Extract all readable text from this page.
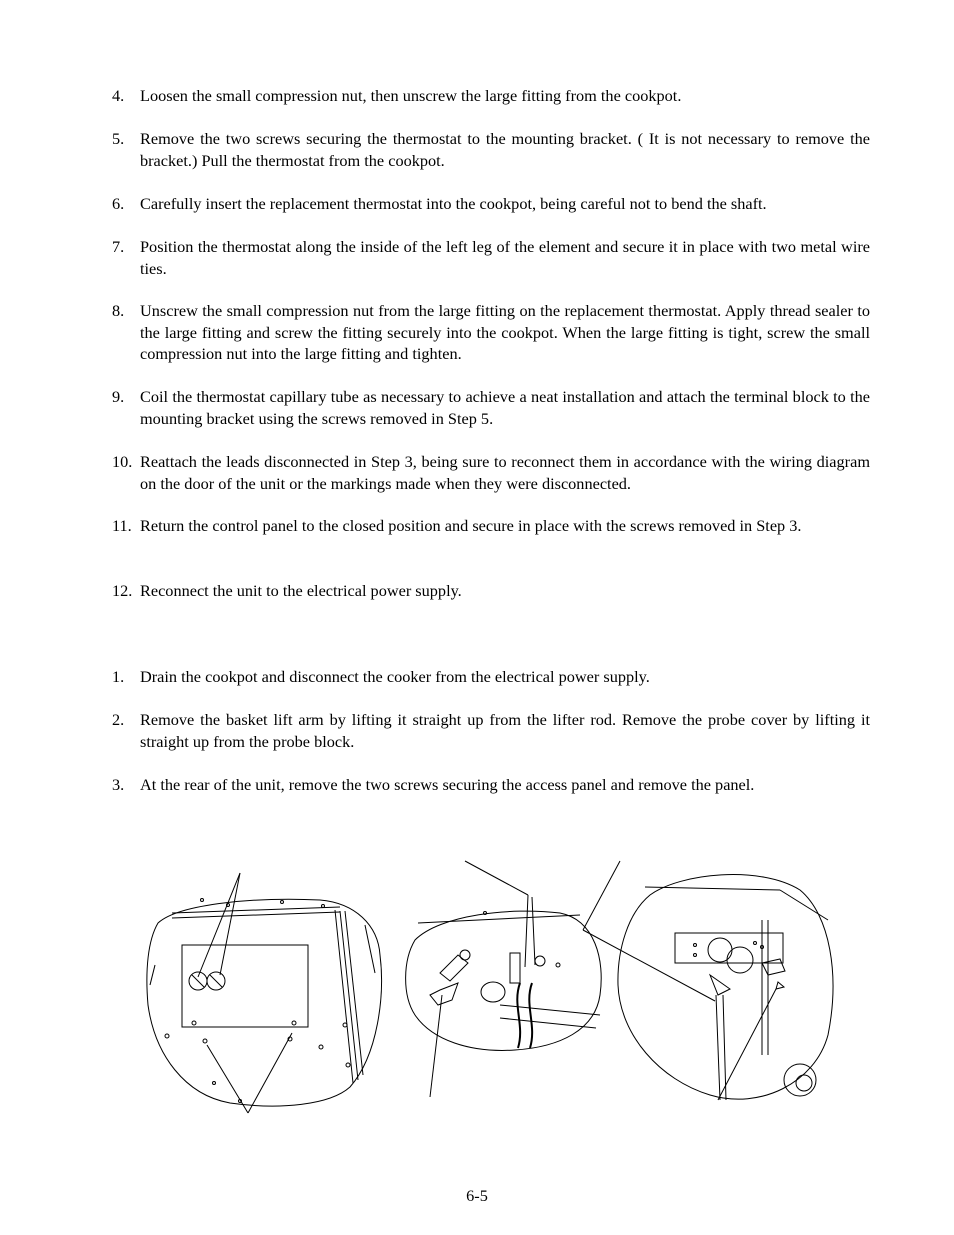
4. Loosen the small compression nut, then unscrew the large fitting from the cookpot.
5. Remove the two screws securing the thermostat to the mounting bracket. ( It is not necessary to remove the bracket.) Pull the thermostat from the cookpot.
6. Carefully insert the replacement thermostat into the cookpot, being careful not to bend the shaft.
7. Position the thermostat along the inside of the left leg of the element and secure it in place with two metal wire ties.
8. Unscrew the small compression nut from the large fitting on the replacement thermostat. Apply thread sealer to the large fitting and screw the fitting securely into the cookpot. When the large fitting is tight, screw the small compression nut into the large fitting and tighten.
9. Coil the thermostat capillary tube as necessary to achieve a neat installation and attach the terminal block to the mounting bracket using the screws removed in Step 5.
10. Reattach the leads disconnected in Step 3, being sure to reconnect them in accordance with the wiring diagram on the door of the unit or the markings made when they were disconnected.
11. Return the control panel to the closed position and secure in place with the screws removed in Step 3.
12. Reconnect the unit to the electrical power supply.
1. Drain the cookpot and disconnect the cooker from the electrical power supply.
2. Remove the basket lift arm by lifting it straight up from the lifter rod. Remove the probe cover by lifting it straight up from the probe block.
3. At the rear of the unit, remove the two screws securing the access panel and remove the panel.
6-5
